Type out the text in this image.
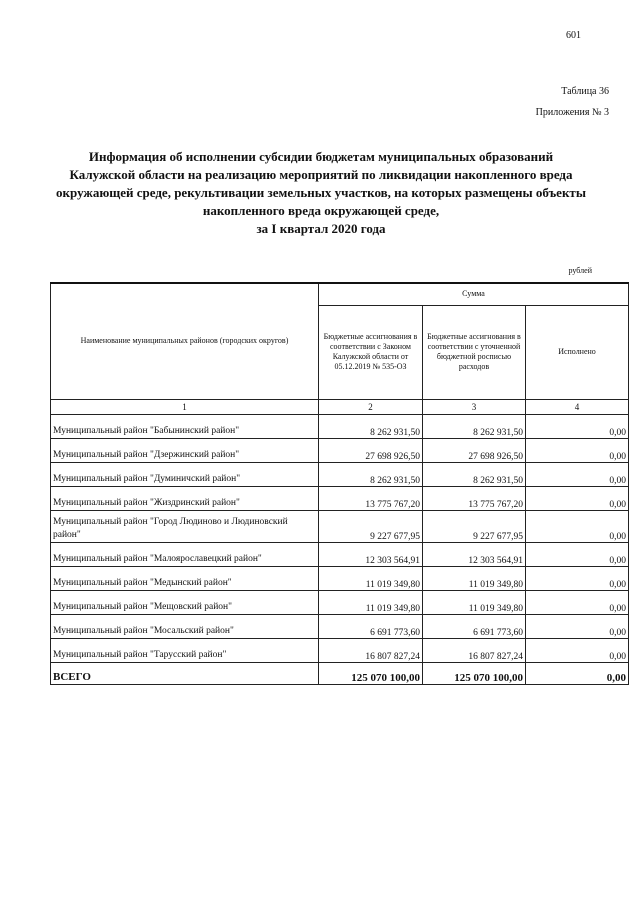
601
Таблица 36
Приложения № 3
Информация об исполнении субсидии бюджетам муниципальных образований
Калужской области на реализацию мероприятий по ликвидации накопленного вреда
окружающей среде, рекультивации земельных участков, на которых размещены объекты
накопленного вреда окружающей среде,
за I квартал 2020 года
рублей
Наименование муниципальных районов (городских округов)	Сумма		
	Бюджетные ассигнования в соответствии с Законом Калужской области от 05.12.2019 № 535-ОЗ	Бюджетные ассигнования в соответствии с уточненной бюджетной росписью расходов	Исполнено
1	2	3	4
Муниципальный район "Бабынинский район"	8 262 931,50	8 262 931,50	0,00
Муниципальный район "Дзержинский район"	27 698 926,50	27 698 926,50	0,00
Муниципальный район "Думиничский район"	8 262 931,50	8 262 931,50	0,00
Муниципальный район "Жиздринский район"	13 775 767,20	13 775 767,20	0,00
Муниципальный район "Город Людиново и Людиновский район"	9 227 677,95	9 227 677,95	0,00
Муниципальный район "Малоярославецкий район"	12 303 564,91	12 303 564,91	0,00
Муниципальный район "Медынский район"	11 019 349,80	11 019 349,80	0,00
Муниципальный район "Мещовский район"	11 019 349,80	11 019 349,80	0,00
Муниципальный район "Мосальский район"	6 691 773,60	6 691 773,60	0,00
Муниципальный район "Тарусский район"	16 807 827,24	16 807 827,24	0,00
ВСЕГО	125 070 100,00	125 070 100,00	0,00
